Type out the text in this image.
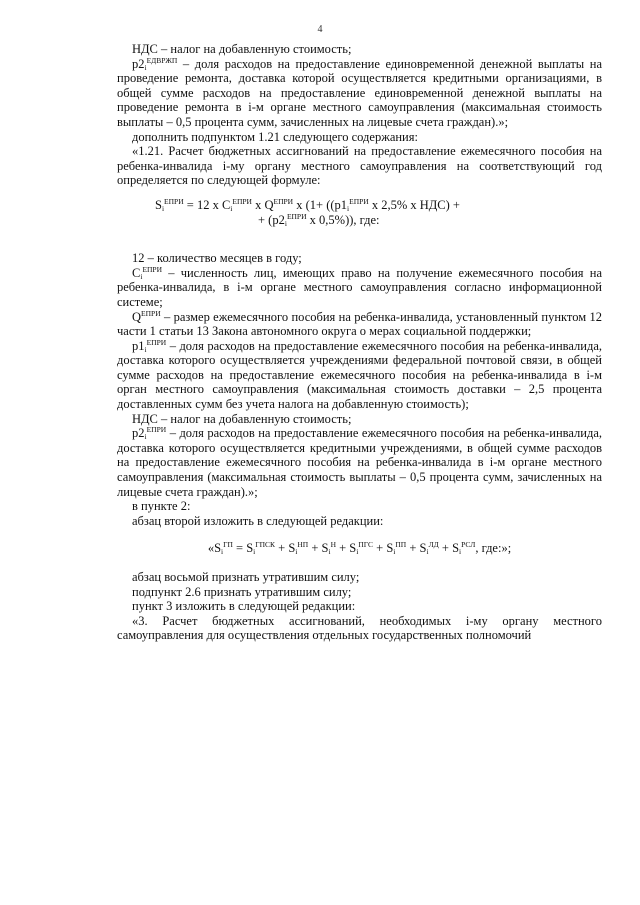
4

НДС – налог на добавленную стоимость;

$p2_i^{ЕДВРЖП}$ – доля расходов на предоставление единовременной денежной выплаты на проведение ремонта, доставка которой осуществляется кредитными организациями, в общей сумме расходов на предоставление единовременной денежной выплаты на проведение ремонта в i-м органе местного самоуправления (максимальная стоимость выплаты – 0,5 процента сумм, зачисленных на лицевые счета граждан).»;

дополнить подпунктом 1.21 следующего содержания:

«1.21. Расчет бюджетных ассигнований на предоставление ежемесячного пособия на ребенка-инвалида i-му органу местного самоуправления на соответствующий год определяется по следующей формуле:

$S_i^{ЕПРИ} = 12$ x $C_i^{ЕПРИ}$ x $Q^{ЕПРИ}$ x ($1+ ((p1_i^{ЕПРИ}$ x 2,5% x НДС) +
+ ($p2_i^{ЕПРИ}$ x 0,5%)), где:

12 – количество месяцев в году;

$C_i^{ЕПРИ}$ – численность лиц, имеющих право на получение ежемесячного пособия на ребенка-инвалида, в i-м органе местного самоуправления согласно информационной системе;

$Q^{ЕПРИ}$ – размер ежемесячного пособия на ребенка-инвалида, установленный пунктом 12 части 1 статьи 13 Закона автономного округа о мерах социальной поддержки;

$p1_i^{ЕПРИ}$ – доля расходов на предоставление ежемесячного пособия на ребенка-инвалида, доставка которого осуществляется учреждениями федеральной почтовой связи, в общей сумме расходов на предоставление ежемесячного пособия на ребенка-инвалида в i-м орган местного самоуправления (максимальная стоимость доставки – 2,5 процента доставленных сумм без учета налога на добавленную стоимость);

НДС – налог на добавленную стоимость;

$p2_i^{ЕПРИ}$ – доля расходов на предоставление ежемесячного пособия на ребенка-инвалида, доставка которого осуществляется кредитными учреждениями, в общей сумме расходов на предоставление ежемесячного пособия на ребенка-инвалида в i-м органе местного самоуправления (максимальная стоимость выплаты – 0,5 процента сумм, зачисленных на лицевые счета граждан).»;

в пункте 2:

абзац второй изложить в следующей редакции:

«$S_i^{ГП} = S_i^{ГПСК} + S_i^{НП} + S_i^Н + S_i^{ПГС} + S_i^{ПП} + S_i^{ЛД} + S_i^{РСЛ}$, где:»;

абзац восьмой признать утратившим силу;

подпункт 2.6 признать утратившим силу;

пункт 3 изложить в следующей редакции:

«3. Расчет бюджетных ассигнований, необходимых i-му органу местного самоуправления для осуществления отдельных государственных полномочий
